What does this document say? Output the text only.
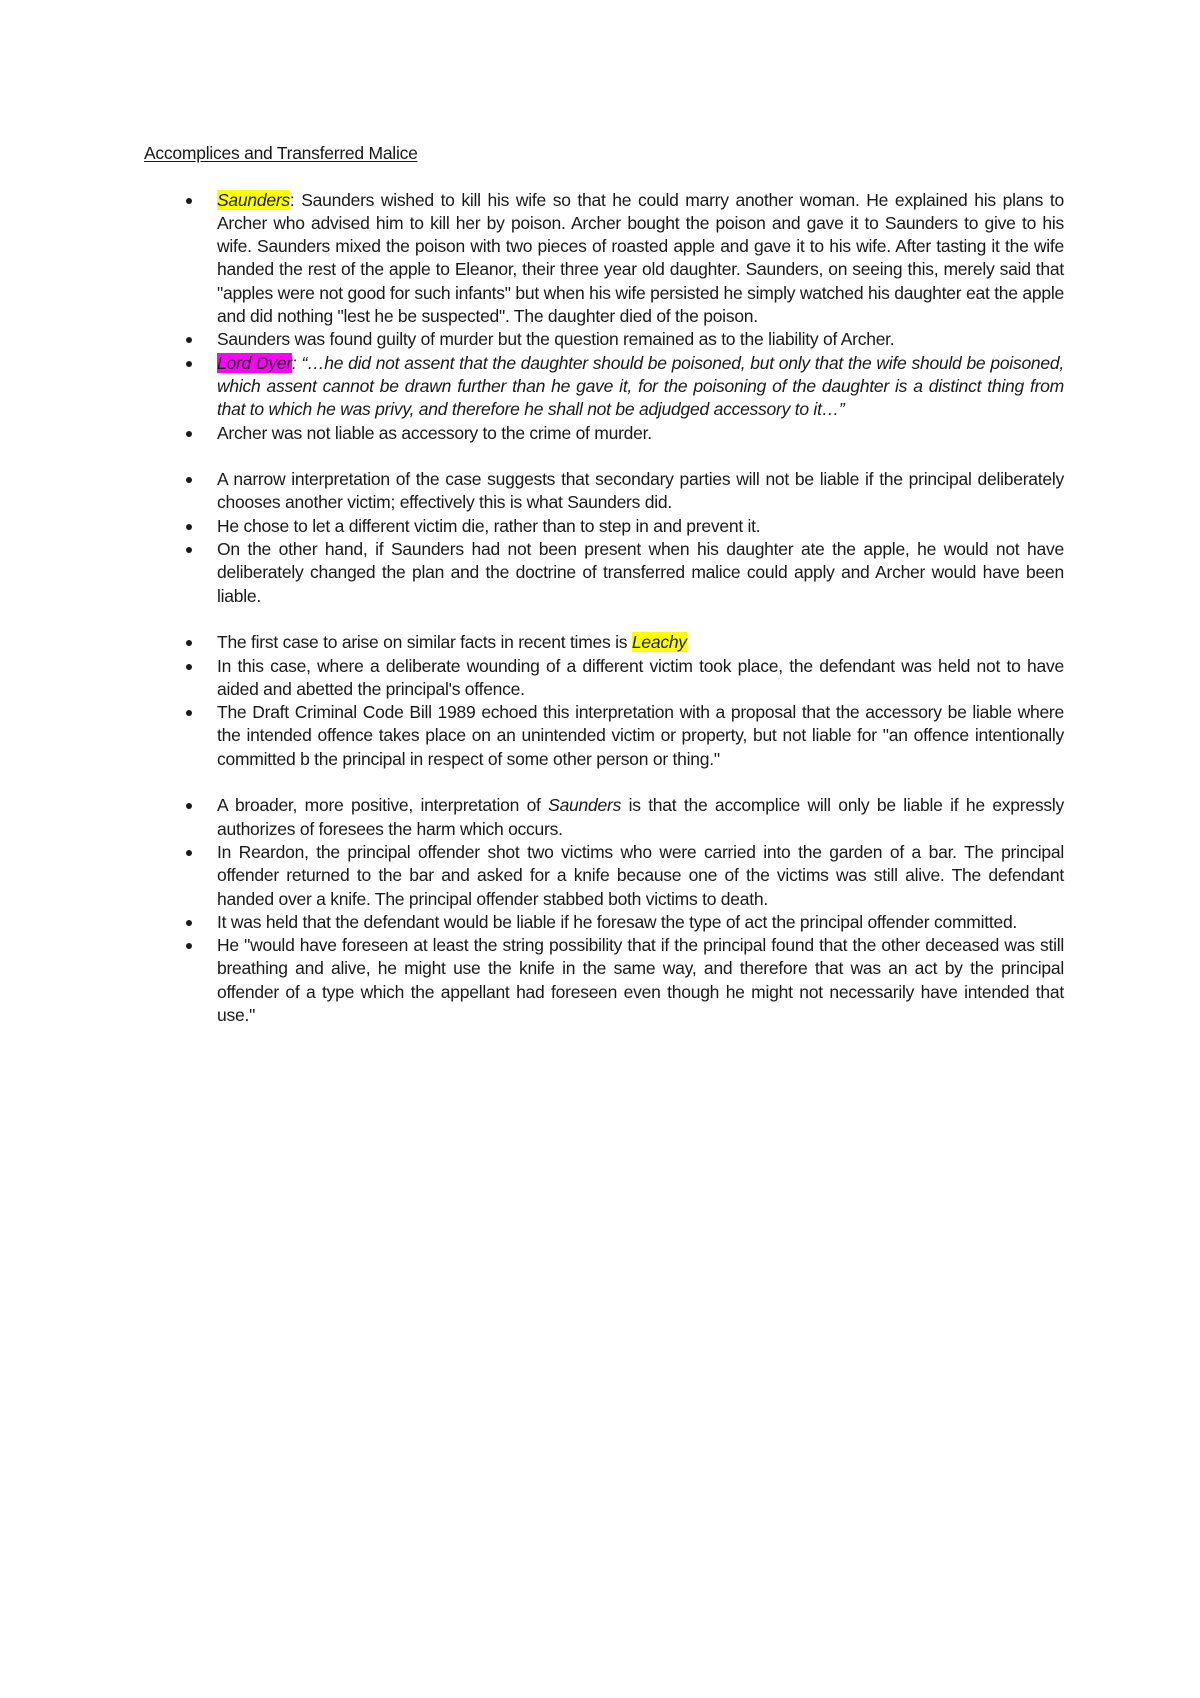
Accomplices and Transferred Malice
Saunders: Saunders wished to kill his wife so that he could marry another woman. He explained his plans to Archer who advised him to kill her by poison. Archer bought the poison and gave it to Saunders to give to his wife. Saunders mixed the poison with two pieces of roasted apple and gave it to his wife. After tasting it the wife handed the rest of the apple to Eleanor, their three year old daughter. Saunders, on seeing this, merely said that "apples were not good for such infants" but when his wife persisted he simply watched his daughter eat the apple and did nothing "lest he be suspected". The daughter died of the poison.
Saunders was found guilty of murder but the question remained as to the liability of Archer.
Lord Dyer: “…he did not assent that the daughter should be poisoned, but only that the wife should be poisoned, which assent cannot be drawn further than he gave it, for the poisoning of the daughter is a distinct thing from that to which he was privy, and therefore he shall not be adjudged accessory to it…”
Archer was not liable as accessory to the crime of murder.
A narrow interpretation of the case suggests that secondary parties will not be liable if the principal deliberately chooses another victim; effectively this is what Saunders did.
He chose to let a different victim die, rather than to step in and prevent it.
On the other hand, if Saunders had not been present when his daughter ate the apple, he would not have deliberately changed the plan and the doctrine of transferred malice could apply and Archer would have been liable.
The first case to arise on similar facts in recent times is Leachy
In this case, where a deliberate wounding of a different victim took place, the defendant was held not to have aided and abetted the principal's offence.
The Draft Criminal Code Bill 1989 echoed this interpretation with a proposal that the accessory be liable where the intended offence takes place on an unintended victim or property, but not liable for "an offence intentionally committed b the principal in respect of some other person or thing."
A broader, more positive, interpretation of Saunders is that the accomplice will only be liable if he expressly authorizes of foresees the harm which occurs.
In Reardon, the principal offender shot two victims who were carried into the garden of a bar. The principal offender returned to the bar and asked for a knife because one of the victims was still alive. The defendant handed over a knife. The principal offender stabbed both victims to death.
It was held that the defendant would be liable if he foresaw the type of act the principal offender committed.
He "would have foreseen at least the string possibility that if the principal found that the other deceased was still breathing and alive, he might use the knife in the same way, and therefore that was an act by the principal offender of a type which the appellant had foreseen even though he might not necessarily have intended that use."
